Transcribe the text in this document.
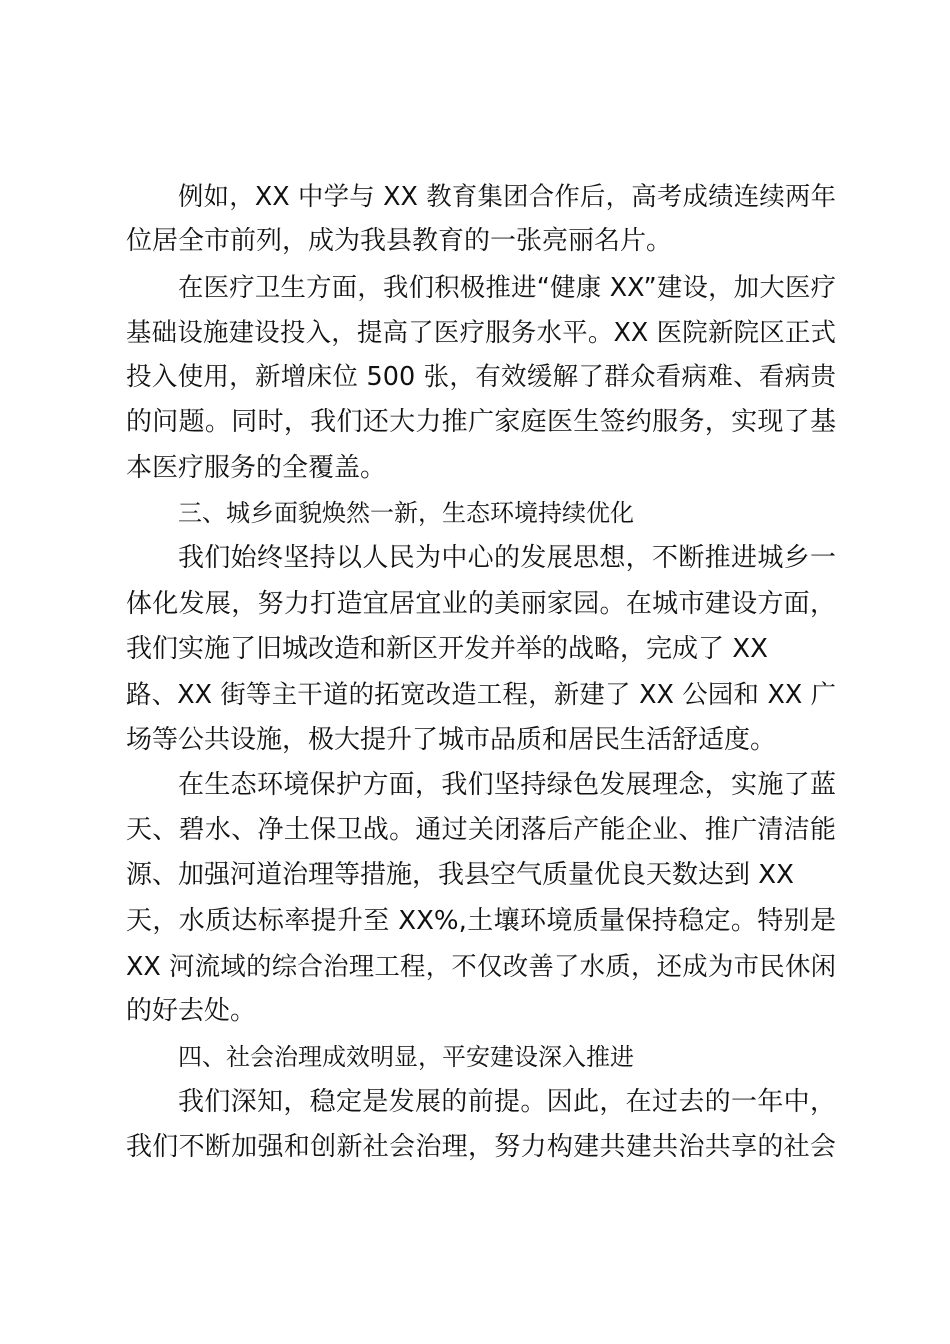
例如，XX 中学与 XX 教育集团合作后，高考成绩连续两年
位居全市前列，成为我县教育的一张亮丽名片。
在医疗卫生方面，我们积极推进“健康 XX”建设，加大医疗
基础设施建设投入，提高了医疗服务水平。XX 医院新院区正式
投入使用，新增床位 500 张，有效缓解了群众看病难、看病贵
的问题。同时，我们还大力推广家庭医生签约服务，实现了基
本医疗服务的全覆盖。
三、城乡面貌焕然一新，生态环境持续优化
我们始终坚持以人民为中心的发展思想，不断推进城乡一
体化发展，努力打造宜居宜业的美丽家园。在城市建设方面，
我们实施了旧城改造和新区开发并举的战略，完成了 XX
路、XX 街等主干道的拓宽改造工程，新建了 XX 公园和 XX 广
场等公共设施，极大提升了城市品质和居民生活舒适度。
在生态环境保护方面，我们坚持绿色发展理念，实施了蓝
天、碧水、净土保卫战。通过关闭落后产能企业、推广清洁能
源、加强河道治理等措施，我县空气质量优良天数达到 XX
天，水质达标率提升至 XX%,土壤环境质量保持稳定。特别是
XX 河流域的综合治理工程，不仅改善了水质，还成为市民休闲
的好去处。
四、社会治理成效明显，平安建设深入推进
我们深知，稳定是发展的前提。因此，在过去的一年中，
我们不断加强和创新社会治理，努力构建共建共治共享的社会
